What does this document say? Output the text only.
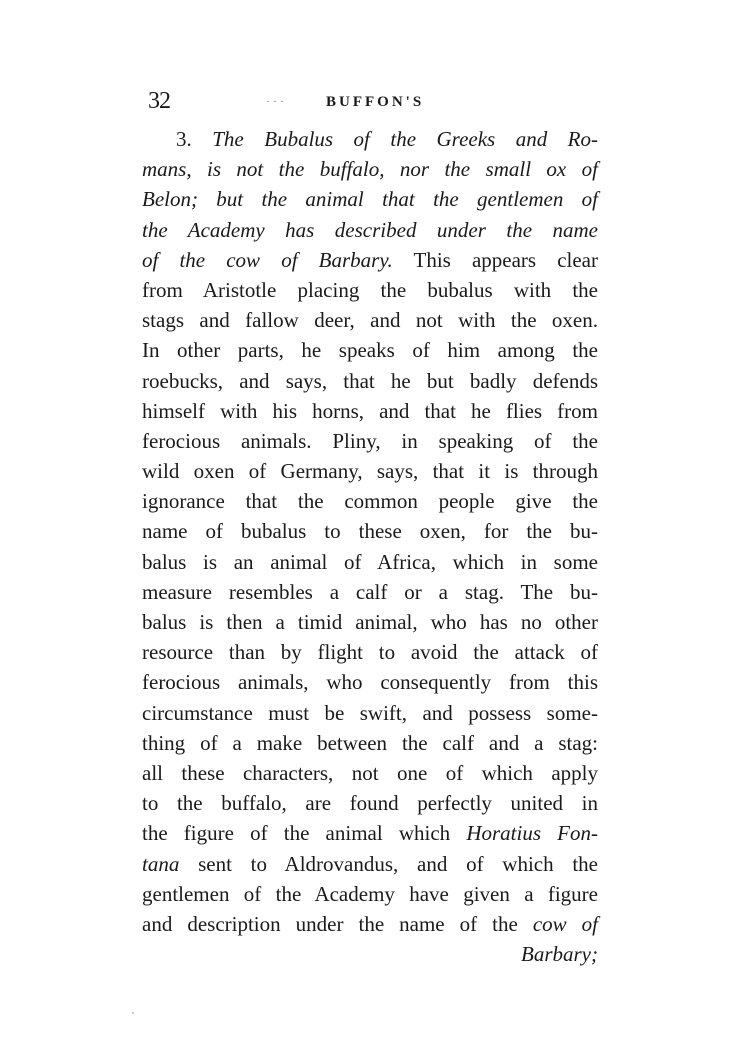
32	· · ·	BUFFON'S
3. The Bubalus of the Greeks and Ro-
mans, is not the buffalo, nor the small ox of
Belon; but the animal that the gentlemen of
the Academy has described under the name
of the cow of Barbary. This appears clear
from Aristotle placing the bubalus with the
stags and fallow deer, and not with the oxen.
In other parts, he speaks of him among the
roebucks, and says, that he but badly defends
himself with his horns, and that he flies from
ferocious animals. Pliny, in speaking of the
wild oxen of Germany, says, that it is through
ignorance that the common people give the
name of bubalus to these oxen, for the bu-
balus is an animal of Africa, which in some
measure resembles a calf or a stag. The bu-
balus is then a timid animal, who has no other
resource than by flight to avoid the attack of
ferocious animals, who consequently from this
circumstance must be swift, and possess some-
thing of a make between the calf and a stag:
all these characters, not one of which apply
to the buffalo, are found perfectly united in
the figure of the animal which Horatius Fon-
tana sent to Aldrovandus, and of which the
gentlemen of the Academy have given a figure
and description under the name of the cow of
Barbary;
